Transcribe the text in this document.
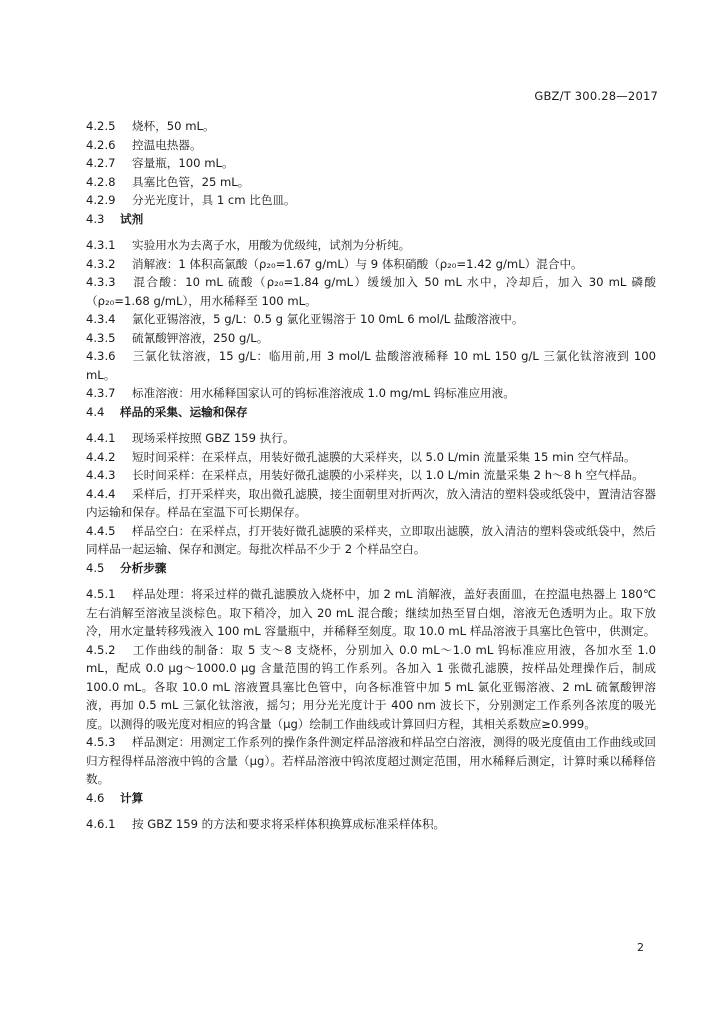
GBZ/T 300.28—2017

4.2.5 烧杯，50 mL。

4.2.6 控温电热器。

4.2.7 容量瓶，100 mL。

4.2.8 具塞比色管，25 mL。

4.2.9 分光光度计，具 1 cm 比色皿。

4.3 试剂

4.3.1 实验用水为去离子水，用酸为优级纯，试剂为分析纯。

4.3.2 消解液：1 体积高氯酸（ρ₂₀=1.67 g/mL）与 9 体积硝酸（ρ₂₀=1.42 g/mL）混合中。

4.3.3 混合酸：10 mL 硫酸（ρ₂₀=1.84 g/mL）缓缓加入 50 mL 水中，冷却后，加入 30 mL 磷酸（ρ₂₀=1.68 g/mL），用水稀释至 100 mL。

4.3.4 氯化亚锡溶液，5 g/L：0.5 g 氯化亚锡溶于 10 0mL 6 mol/L 盐酸溶液中。

4.3.5 硫氰酸钾溶液，250 g/L。

4.3.6 三氯化钛溶液，15 g/L：临用前,用 3 mol/L 盐酸溶液稀释 10 mL 150 g/L 三氯化钛溶液到 100 mL。

4.3.7 标准溶液：用水稀释国家认可的钨标准溶液成 1.0 mg/mL 钨标准应用液。

4.4 样品的采集、运输和保存

4.4.1 现场采样按照 GBZ 159 执行。

4.4.2 短时间采样：在采样点，用装好微孔滤膜的大采样夹，以 5.0 L/min 流量采集 15 min 空气样品。

4.4.3 长时间采样：在采样点，用装好微孔滤膜的小采样夹，以 1.0 L/min 流量采集 2 h～8 h 空气样品。

4.4.4 采样后，打开采样夹，取出微孔滤膜，接尘面朝里对折两次，放入清洁的塑料袋或纸袋中，置清洁容器内运输和保存。样品在室温下可长期保存。

4.4.5 样品空白：在采样点，打开装好微孔滤膜的采样夹，立即取出滤膜，放入清洁的塑料袋或纸袋中，然后同样品一起运输、保存和测定。每批次样品不少于 2 个样品空白。

4.5 分析步骤

4.5.1 样品处理：将采过样的微孔滤膜放入烧杯中，加 2 mL 消解液，盖好表面皿，在控温电热器上 180℃左右消解至溶液呈淡棕色。取下稍冷，加入 20 mL 混合酸；继续加热至冒白烟，溶液无色透明为止。取下放冷，用水定量转移残液入 100 mL 容量瓶中，并稀释至刻度。取 10.0 mL 样品溶液于具塞比色管中，供测定。

4.5.2 工作曲线的制备：取 5 支～8 支烧杯，分别加入 0.0 mL～1.0 mL 钨标准应用液，各加水至 1.0 mL，配成 0.0 μg～1000.0 μg 含量范围的钨工作系列。各加入 1 张微孔滤膜，按样品处理操作后，制成 100.0 mL。各取 10.0 mL 溶液置具塞比色管中，向各标准管中加 5 mL 氯化亚锡溶液、2 mL 硫氰酸钾溶液，再加 0.5 mL 三氯化钛溶液，摇匀；用分光光度计于 400 nm 波长下，分别测定工作系列各浓度的吸光度。以测得的吸光度对相应的钨含量（μg）绘制工作曲线或计算回归方程，其相关系数应≥0.999。

4.5.3 样品测定：用测定工作系列的操作条件测定样品溶液和样品空白溶液，测得的吸光度值由工作曲线或回归方程得样品溶液中钨的含量（μg）。若样品溶液中钨浓度超过测定范围，用水稀释后测定，计算时乘以稀释倍数。

4.6 计算

4.6.1 按 GBZ 159 的方法和要求将采样体积换算成标准采样体积。

2
